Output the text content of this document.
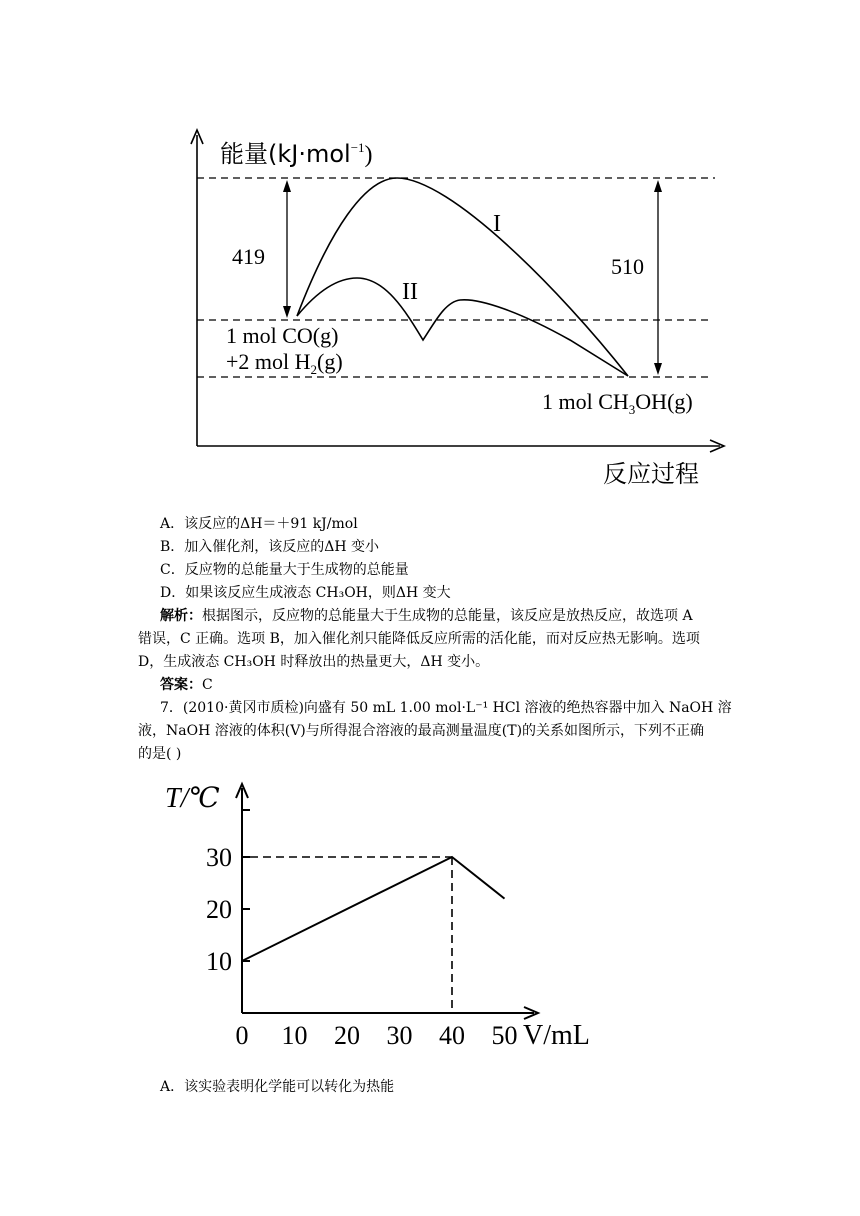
能量(kJ·mol$^{-1}$)
419	510
I
II
1 mol CO(g)
+2 mol $H_2(g)$
1 mol $CH_3OH(g)$
反应过程
A．该反应的ΔH＝＋91 kJ/mol
B．加入催化剂，该反应的ΔH 变小
C．反应物的总能量大于生成物的总能量
D．如果该反应生成液态 CH₃OH，则ΔH 变大
解析：根据图示，反应物的总能量大于生成物的总能量，该反应是放热反应，故选项 A
错误，C 正确。选项 B，加入催化剂只能降低反应所需的活化能，而对反应热无影响。选项
D，生成液态 CH₃OH 时释放出的热量更大，ΔH 变小。
答案：C
7．(2010·黄冈市质检)向盛有 50 mL 1.00 mol·L⁻¹ HCl 溶液的绝热容器中加入 NaOH 溶
液，NaOH 溶液的体积(V)与所得混合溶液的最高测量温度(T)的关系如图所示，下列不正确
的是( )
T/℃
V/mL
0 10 20 30 40 50
10
20
30
A．该实验表明化学能可以转化为热能
